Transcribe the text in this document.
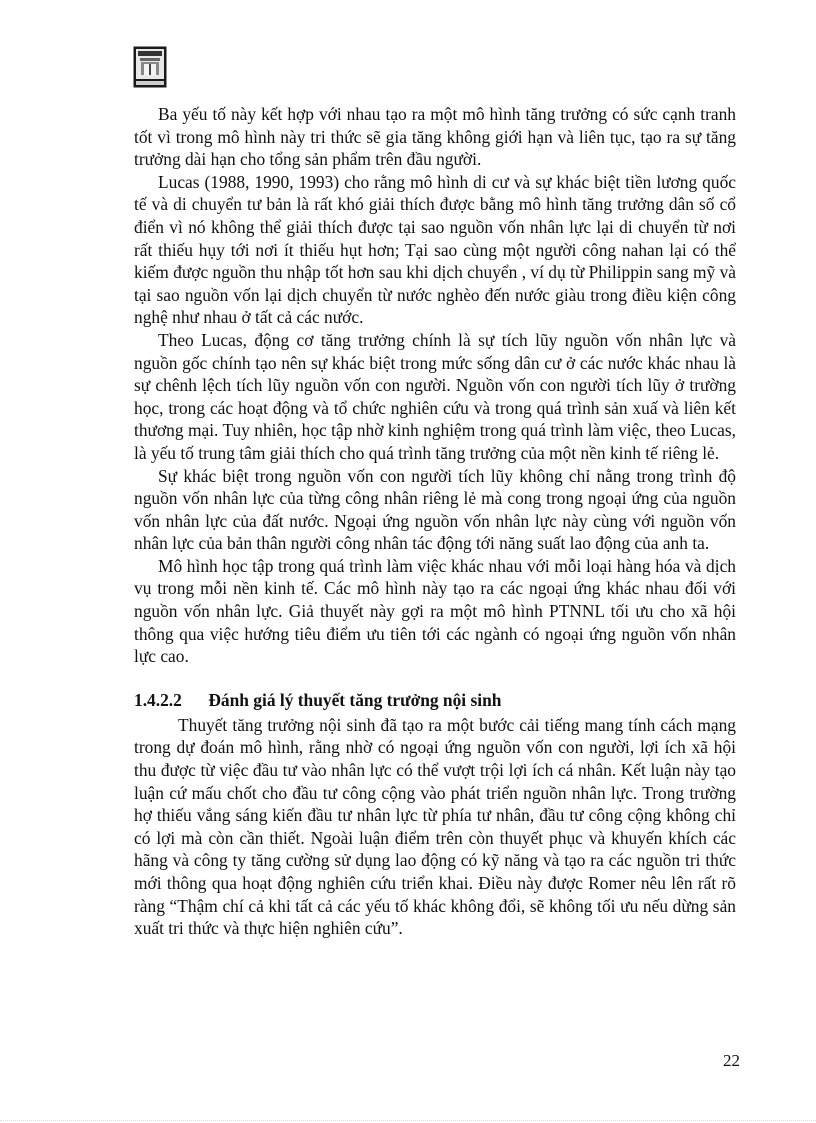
Ba yếu tố này kết hợp với nhau tạo ra một mô hình tăng trưởng có sức cạnh tranh tốt vì trong mô hình này tri thức sẽ gia tăng không giới hạn và liên tục, tạo ra sự tăng trưởng dài hạn cho tổng sản phẩm trên đầu người.

Lucas (1988, 1990, 1993) cho rằng mô hình di cư và sự khác biệt tiền lương quốc tế và di chuyển tư bản là rất khó giải thích được bằng mô hình tăng trưởng dân số cổ điển vì nó không thể giải thích được tại sao nguồn vốn nhân lực lại di chuyển từ nơi rất thiếu hụy tới nơi ít thiếu hụt hơn; Tại sao cùng một người công nahan lại có thể kiếm được nguồn thu nhập tốt hơn sau khi dịch chuyển , ví dụ từ Philippin sang mỹ và tại sao nguồn vốn lại dịch chuyển từ nước nghèo đến nước giàu trong điều kiện công nghệ như nhau ở tất cả các nước.

Theo Lucas, động cơ tăng trưởng chính là sự tích lũy nguồn vốn nhân lực và nguồn gốc chính tạo nên sự khác biệt trong mức sống dân cư ở các nước khác nhau là sự chênh lệch tích lũy nguồn vốn con người. Nguồn vốn con người tích lũy ở trường học, trong các hoạt động và tổ chức nghiên cứu và trong quá trình sản xuấ và liên kết thương mại. Tuy nhiên, học tập nhờ kinh nghiệm trong quá trình làm việc, theo Lucas, là yếu tố trung tâm giải thích cho quá trình tăng trưởng của một nền kinh tế riêng lẻ.

Sự khác biệt trong nguồn vốn con người tích lũy không chỉ nằng trong trình độ nguồn vốn nhân lực của từng công nhân riêng lẻ mà cong trong ngoại ứng của nguồn vốn nhân lực của đất nước. Ngoại ứng nguồn vốn nhân lực này cùng với nguồn vốn nhân lực của bản thân người công nhân tác động tới năng suất lao động của anh ta.

Mô hình học tập trong quá trình làm việc khác nhau với mỗi loại hàng hóa và dịch vụ trong mỗi nền kinh tế. Các mô hình này tạo ra các ngoại ứng khác nhau đối với nguồn vốn nhân lực. Giả thuyết này gợi ra một mô hình PTNNL tối ưu cho xã hội thông qua việc hướng tiêu điểm ưu tiên tới các ngành có ngoại ứng nguồn vốn nhân lực cao.

1.4.2.2 Đánh giá lý thuyết tăng trưởng nội sinh

Thuyết tăng trưởng nội sinh đã tạo ra một bước cải tiếng mang tính cách mạng trong dự đoán mô hình, rằng nhờ có ngoại ứng nguồn vốn con người, lợi ích xã hội thu được từ việc đầu tư vào nhân lực có thể vượt trội lợi ích cá nhân. Kết luận này tạo luận cứ mấu chốt cho đầu tư công cộng vào phát triển nguồn nhân lực. Trong trường hợ thiếu vắng sáng kiến đầu tư nhân lực từ phía tư nhân, đầu tư công cộng không chỉ có lợi mà còn cần thiết. Ngoài luận điểm trên còn thuyết phục và khuyến khích các hãng và công ty tăng cường sử dụng lao động có kỹ năng và tạo ra các nguồn tri thức mới thông qua hoạt động nghiên cứu triển khai. Điều này được Romer nêu lên rất rõ ràng “Thậm chí cả khi tất cả các yếu tố khác không đổi, sẽ không tối ưu nếu dừng sản xuất tri thức và thực hiện nghiên cứu”.

22
